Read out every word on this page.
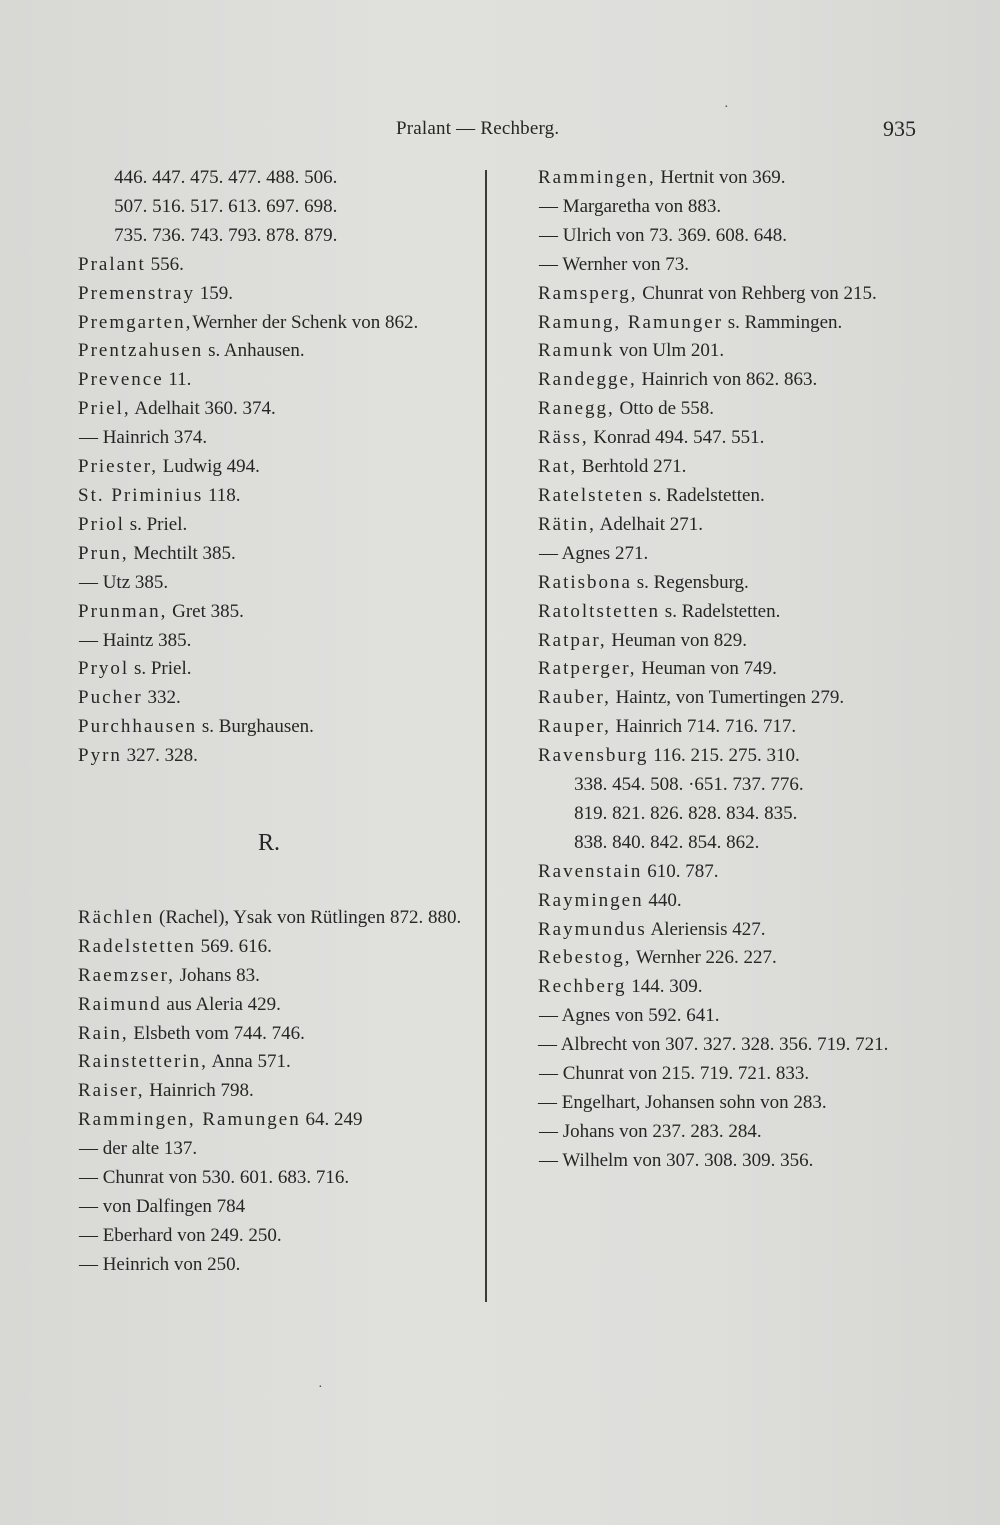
Pralant — Rechberg.	935
·
·

446. 447. 475. 477. 488. 506.

507. 516. 517. 613. 697. 698.

735. 736. 743. 793. 878. 879.

Pralant 556.

Premenstray 159.

Premgarten,Wernher der Schenk von 862.

Prentzahusen s. Anhausen.

Prevence 11.

Priel, Adelhait 360. 374.

— Hainrich 374.

Priester, Ludwig 494.

St. Priminius 118.

Priol s. Priel.

Prun, Mechtilt 385.

— Utz 385.

Prunman, Gret 385.

— Haintz 385.

Pryol s. Priel.

Pucher 332.

Purchhausen s. Burghausen.

Pyrn 327. 328.

R.

Rächlen (Rachel), Ysak von Rütlingen 872. 880.

Radelstetten 569. 616.

Raemzser, Johans 83.

Raimund aus Aleria 429.

Rain, Elsbeth vom 744. 746.

Rainstetterin, Anna 571.

Raiser, Hainrich 798.

Rammingen, Ramungen 64. 249

— der alte 137.

— Chunrat von 530. 601. 683. 716.

— von Dalfingen 784

— Eberhard von 249. 250.

— Heinrich von 250.

Rammingen, Hertnit von 369.

— Margaretha von 883.

— Ulrich von 73. 369. 608. 648.

— Wernher von 73.

Ramsperg, Chunrat von Rehberg von 215.

Ramung, Ramunger s. Rammingen.

Ramunk von Ulm 201.

Randegge, Hainrich von 862. 863.

Ranegg, Otto de 558.

Räss, Konrad 494. 547. 551.

Rat, Berhtold 271.

Ratelsteten s. Radelstetten.

Rätin, Adelhait 271.

— Agnes 271.

Ratisbona s. Regensburg.

Ratoltstetten s. Radelstetten.

Ratpar, Heuman von 829.

Ratperger, Heuman von 749.

Rauber, Haintz, von Tumertingen 279.

Rauper, Hainrich 714. 716. 717.

Ravensburg 116. 215. 275. 310.

338. 454. 508. ·651. 737. 776.

819. 821. 826. 828. 834. 835.

838. 840. 842. 854. 862.

Ravenstain 610. 787.

Raymingen 440.

Raymundus Aleriensis 427.

Rebestog, Wernher 226. 227.

Rechberg 144. 309.

— Agnes von 592. 641.

— Albrecht von 307. 327. 328. 356. 719. 721.

— Chunrat von 215. 719. 721. 833.

— Engelhart, Johansen sohn von 283.

— Johans von 237. 283. 284.

— Wilhelm von 307. 308. 309. 356.
